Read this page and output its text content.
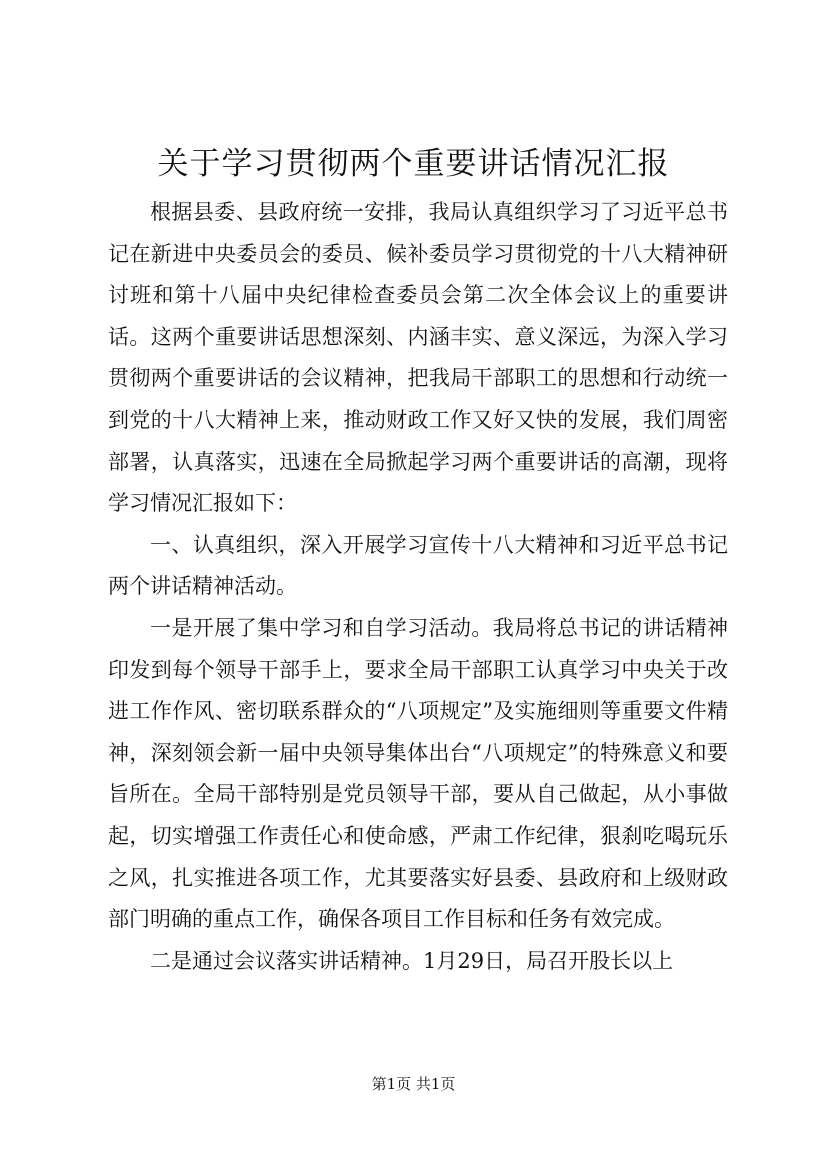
关于学习贯彻两个重要讲话情况汇报

根据县委、县政府统一安排，我局认真组织学习了习近平总书记在新进中央委员会的委员、候补委员学习贯彻党的十八大精神研讨班和第十八届中央纪律检查委员会第二次全体会议上的重要讲话。这两个重要讲话思想深刻、内涵丰实、意义深远，为深入学习贯彻两个重要讲话的会议精神，把我局干部职工的思想和行动统一到党的十八大精神上来，推动财政工作又好又快的发展，我们周密部署，认真落实，迅速在全局掀起学习两个重要讲话的高潮，现将学习情况汇报如下：

一、认真组织，深入开展学习宣传十八大精神和习近平总书记两个讲话精神活动。

一是开展了集中学习和自学习活动。我局将总书记的讲话精神印发到每个领导干部手上，要求全局干部职工认真学习中央关于改进工作作风、密切联系群众的“八项规定”及实施细则等重要文件精神，深刻领会新一届中央领导集体出台“八项规定”的特殊意义和要旨所在。全局干部特别是党员领导干部，要从自己做起，从小事做起，切实增强工作责任心和使命感，严肃工作纪律，狠刹吃喝玩乐之风，扎实推进各项工作，尤其要落实好县委、县政府和上级财政部门明确的重点工作，确保各项目工作目标和任务有效完成。

二是通过会议落实讲话精神。1月29日，局召开股长以上

第1页 共1页
